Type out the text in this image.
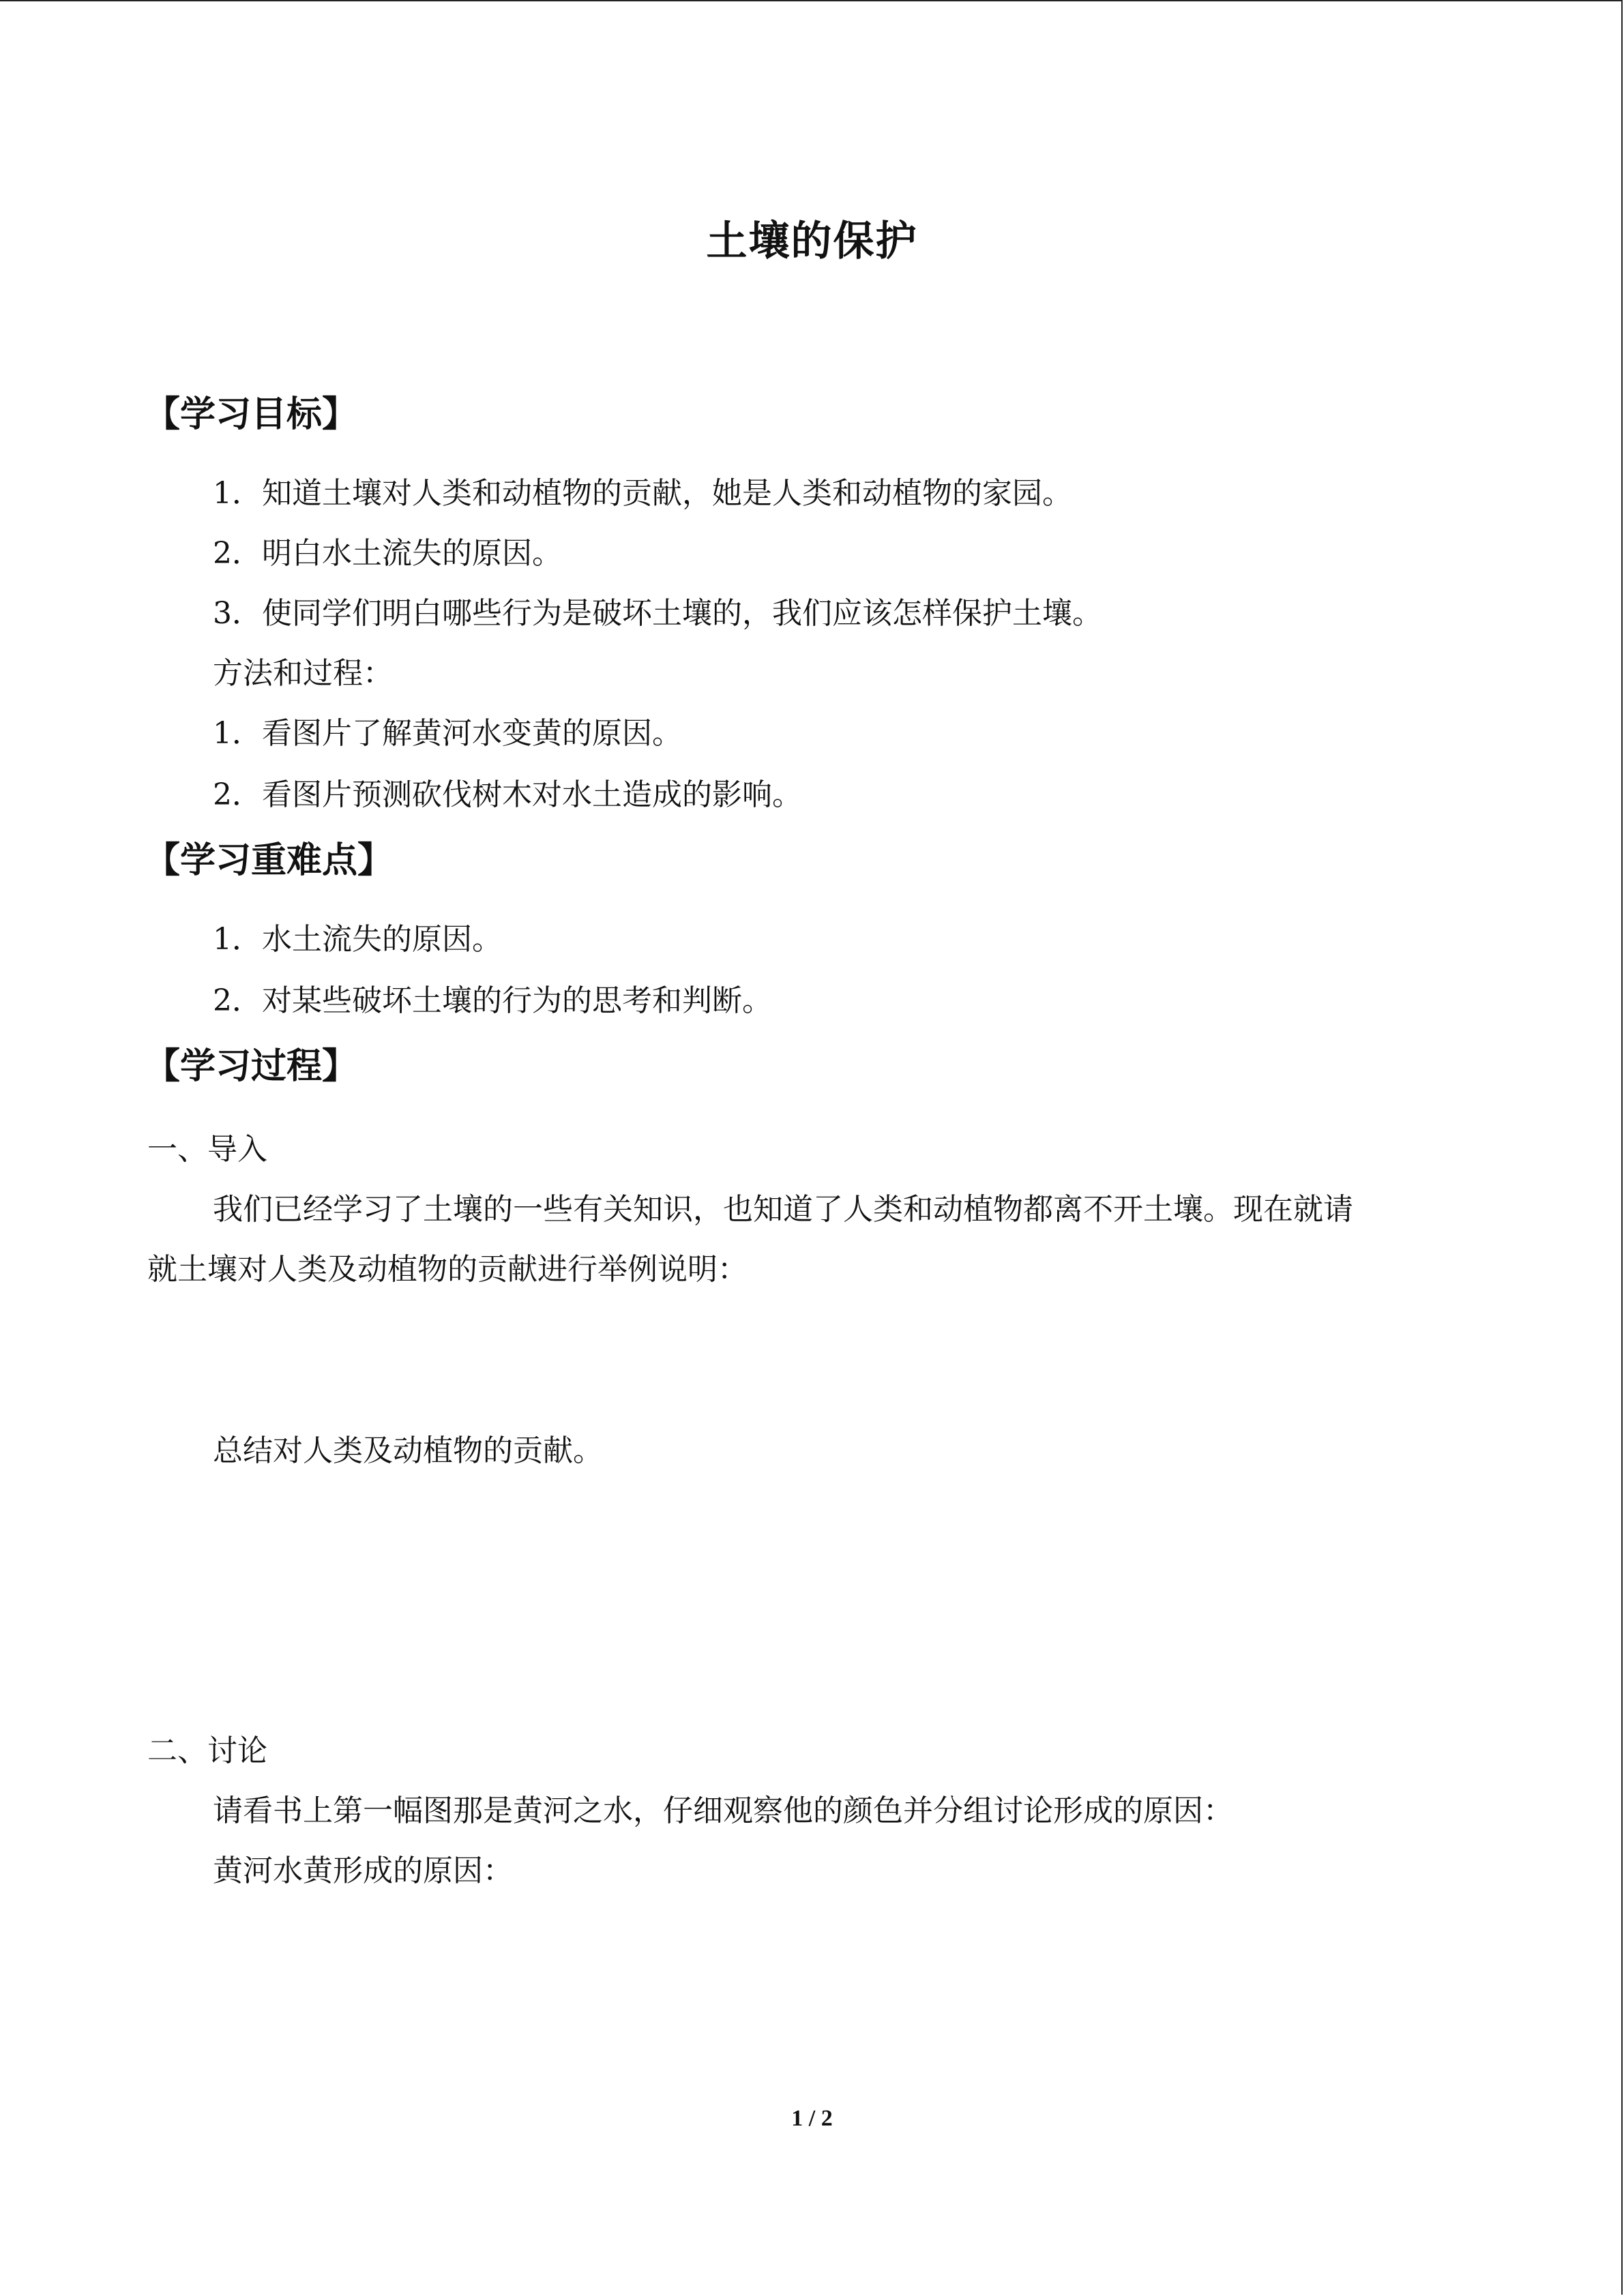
土壤的保护
【学习目标】
1．知道土壤对人类和动植物的贡献，她是人类和动植物的家园。
2．明白水土流失的原因。
3．使同学们明白哪些行为是破坏土壤的，我们应该怎样保护土壤。
方法和过程：
1．看图片了解黄河水变黄的原因。
2．看图片预测砍伐树木对水土造成的影响。
【学习重难点】
1．水土流失的原因。
2．对某些破坏土壤的行为的思考和判断。
【学习过程】
一、导入
我们已经学习了土壤的一些有关知识，也知道了人类和动植物都离不开土壤。现在就请
就土壤对人类及动植物的贡献进行举例说明：
总结对人类及动植物的贡献。
二、讨论
请看书上第一幅图那是黄河之水，仔细观察他的颜色并分组讨论形成的原因：
黄河水黄形成的原因：
1 / 2
